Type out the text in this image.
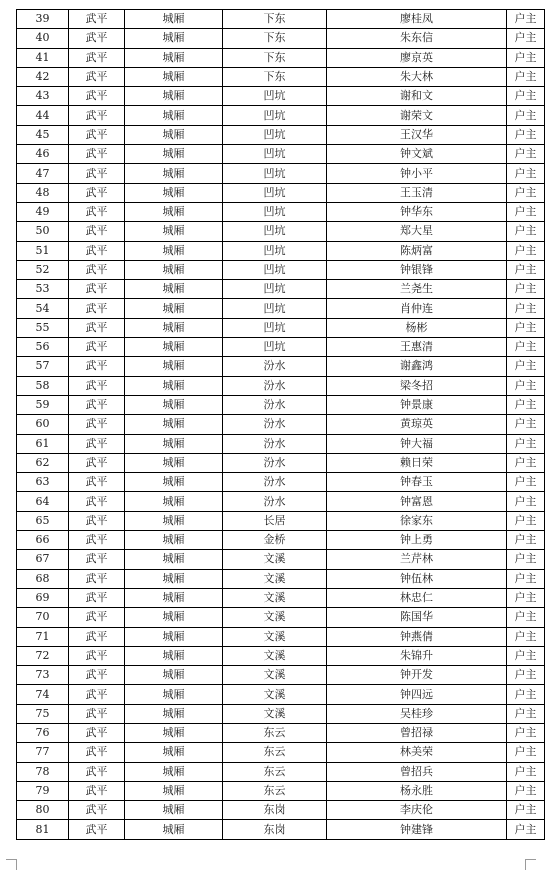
39	武平	城厢	下东	廖桂凤	户主
40	武平	城厢	下东	朱东信	户主
41	武平	城厢	下东	廖京英	户主
42	武平	城厢	下东	朱大林	户主
43	武平	城厢	凹坑	谢和文	户主
44	武平	城厢	凹坑	谢荣文	户主
45	武平	城厢	凹坑	王汉华	户主
46	武平	城厢	凹坑	钟文斌	户主
47	武平	城厢	凹坑	钟小平	户主
48	武平	城厢	凹坑	王玉清	户主
49	武平	城厢	凹坑	钟华东	户主
50	武平	城厢	凹坑	郑大星	户主
51	武平	城厢	凹坑	陈炳富	户主
52	武平	城厢	凹坑	钟银锋	户主
53	武平	城厢	凹坑	兰尧生	户主
54	武平	城厢	凹坑	肖仲连	户主
55	武平	城厢	凹坑	杨彬	户主
56	武平	城厢	凹坑	王惠清	户主
57	武平	城厢	汾水	谢鑫鸿	户主
58	武平	城厢	汾水	梁冬招	户主
59	武平	城厢	汾水	钟景康	户主
60	武平	城厢	汾水	黄琼英	户主
61	武平	城厢	汾水	钟大福	户主
62	武平	城厢	汾水	赖日荣	户主
63	武平	城厢	汾水	钟春玉	户主
64	武平	城厢	汾水	钟富恩	户主
65	武平	城厢	长居	徐家东	户主
66	武平	城厢	金桥	钟上勇	户主
67	武平	城厢	文溪	兰芹林	户主
68	武平	城厢	文溪	钟伍林	户主
69	武平	城厢	文溪	林忠仁	户主
70	武平	城厢	文溪	陈国华	户主
71	武平	城厢	文溪	钟燕倩	户主
72	武平	城厢	文溪	朱锦升	户主
73	武平	城厢	文溪	钟开发	户主
74	武平	城厢	文溪	钟四远	户主
75	武平	城厢	文溪	吴桂珍	户主
76	武平	城厢	东云	曾招禄	户主
77	武平	城厢	东云	林美荣	户主
78	武平	城厢	东云	曾招兵	户主
79	武平	城厢	东云	杨永胜	户主
80	武平	城厢	东岗	李庆伦	户主
81	武平	城厢	东岗	钟建锋	户主
